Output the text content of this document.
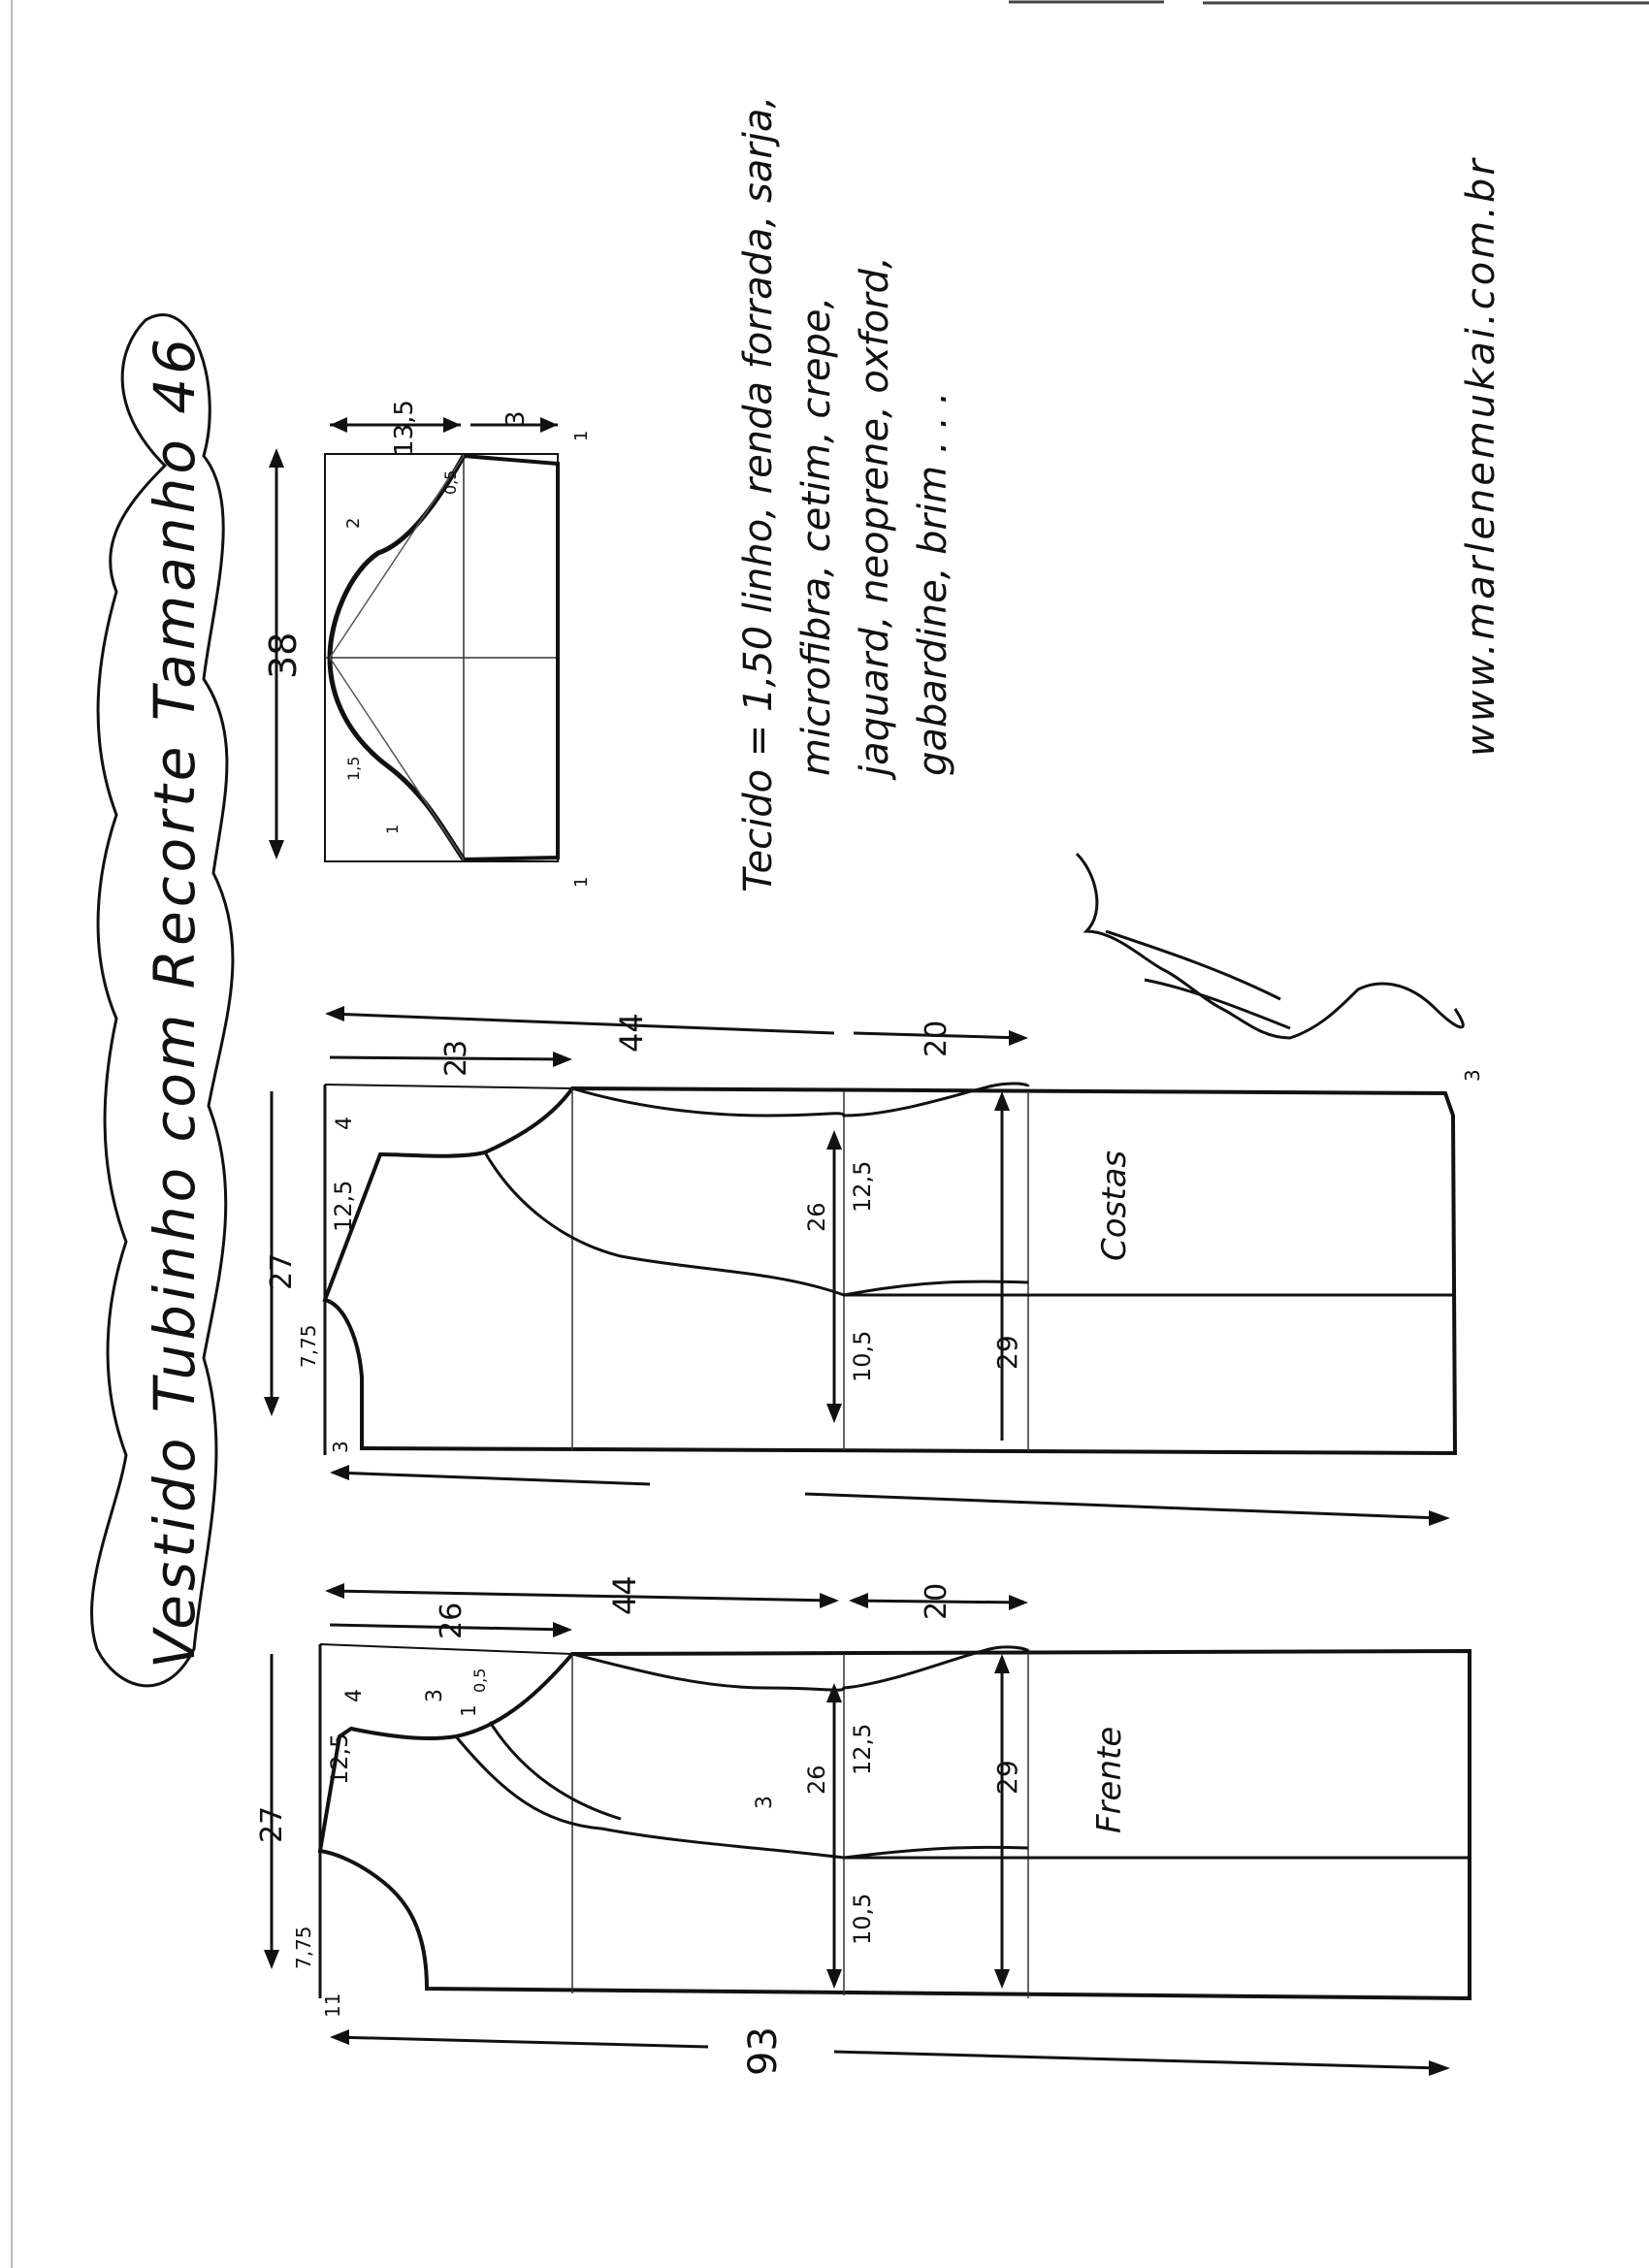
Vestido Tubinho com Recorte Tamanho 46 38
13,5	3
1
1
2
0,5
1,5
1	Tecido = 1,50 linho, renda forrada, sarja, microfibra, cetim, crepe, jaquard, neoprene, oxford, gabardine, brim . . .	www.marlenemukai.com.br
44	20
23
27
12,5
4
7,75
3
26
12,5
10,5	29
3
Costas
44	20
26
27
12,5
4
7,75
11
3
1
0,5
3
26
12,5
10,5
29 Frente
93
